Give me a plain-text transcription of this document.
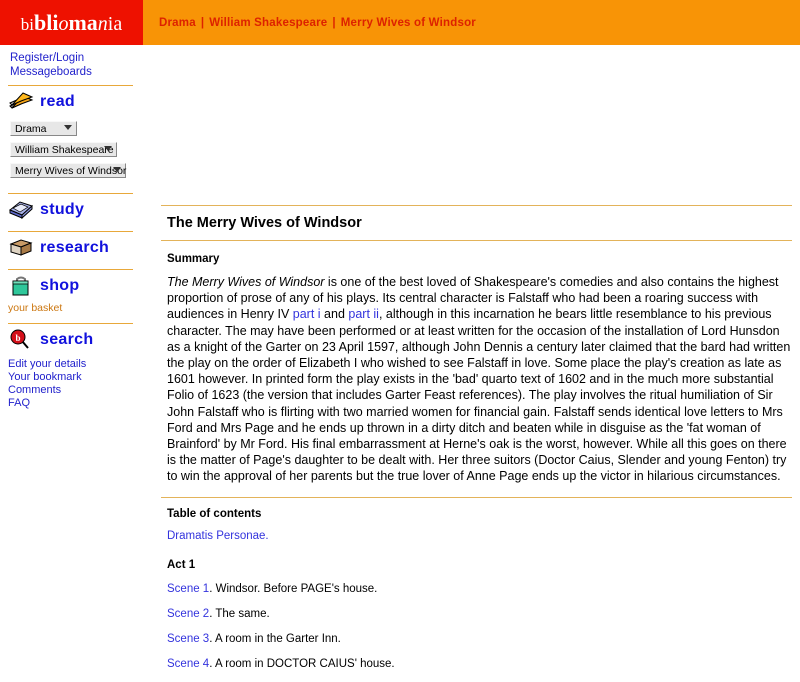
bibliomania	Drama | William Shakespeare | Merry Wives of Windsor
Register/Login
Messageboards
read
Drama
William Shakespeare
Merry Wives of Windsor
study
research
shop
your basket
b search
Edit your details
Your bookmark
Comments
FAQ
The Merry Wives of Windsor
Summary

The Merry Wives of Windsor is one of the best loved of Shakespeare's comedies and also contains the highest proportion of prose of any of his plays. Its central character is Falstaff who had been a roaring success with audiences in Henry IV part i and part ii, although in this incarnation he bears little resemblance to his previous character. The may have been performed or at least written for the occasion of the installation of Lord Hunsdon as a knight of the Garter on 23 April 1597, although John Dennis a century later claimed that the bard had written the play on the order of Elizabeth I who wished to see Falstaff in love. Some place the play's creation as late as 1601 however. In printed form the play exists in the 'bad' quarto text of 1602 and in the much more substantial Folio of 1623 (the version that includes Garter Feast references). The play involves the ritual humiliation of Sir John Falstaff who is flirting with two married women for financial gain. Falstaff sends identical love letters to Mrs Ford and Mrs Page and he ends up thrown in a dirty ditch and beaten while in disguise as the 'fat woman of Brainford' by Mr Ford. His final embarrassment at Herne's oak is the worst, however. While all this goes on there is the matter of Page's daughter to be dealt with. Her three suitors (Doctor Caius, Slender and young Fenton) try to win the approval of her parents but the true lover of Anne Page ends up the victor in hilarious circumstances.

Table of contents
Dramatis Personae.
Act 1
Scene 1. Windsor. Before PAGE's house.
Scene 2. The same.
Scene 3. A room in the Garter Inn.
Scene 4. A room in DOCTOR CAIUS' house.
